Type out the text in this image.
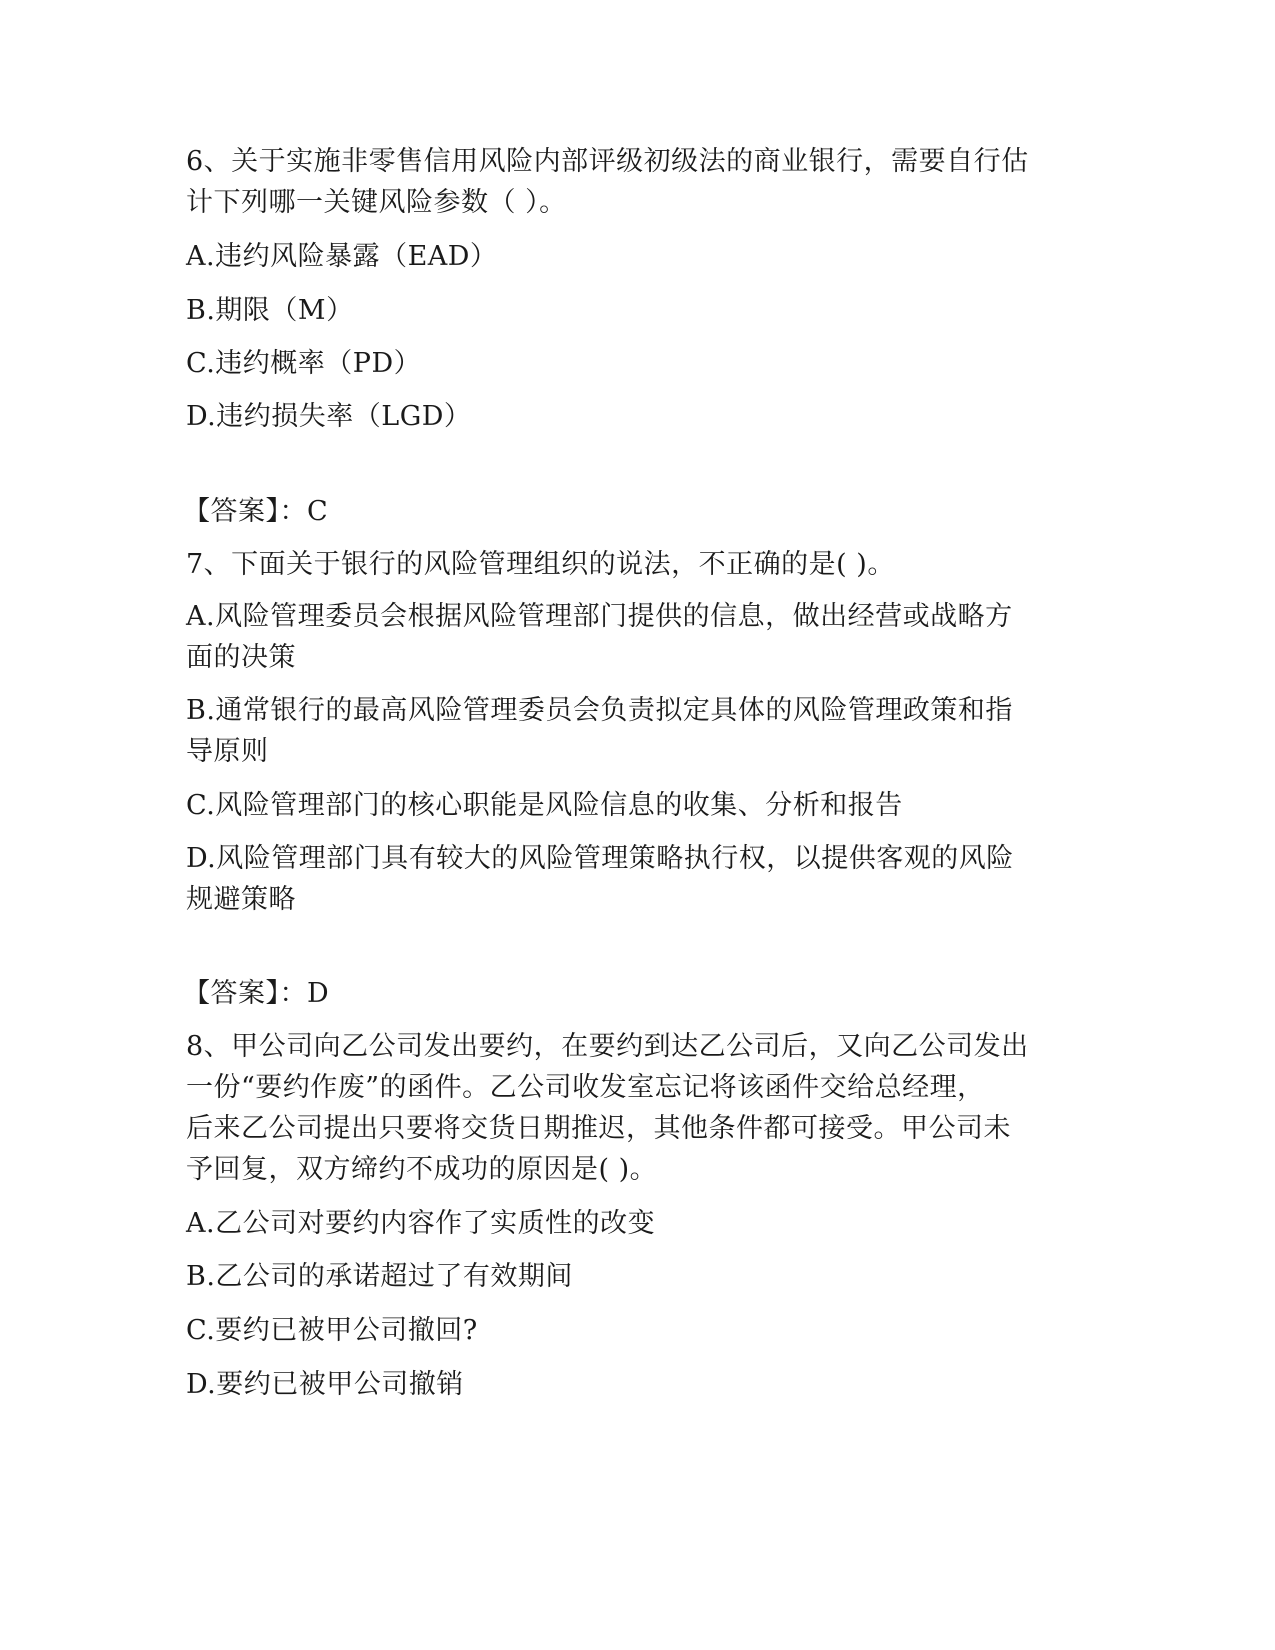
6、关于实施非零售信用风险内部评级初级法的商业银行，需要自行估
计下列哪一关键风险参数（ ）。
A.违约风险暴露（EAD）
B.期限（M）
C.违约概率（PD）
D.违约损失率（LGD）
【答案】：C
7、下面关于银行的风险管理组织的说法，不正确的是( )。
A.风险管理委员会根据风险管理部门提供的信息，做出经营或战略方
面的决策
B.通常银行的最高风险管理委员会负责拟定具体的风险管理政策和指
导原则
C.风险管理部门的核心职能是风险信息的收集、分析和报告
D.风险管理部门具有较大的风险管理策略执行权，以提供客观的风险
规避策略
【答案】：D
8、甲公司向乙公司发出要约，在要约到达乙公司后，又向乙公司发出
一份“要约作废”的函件。乙公司收发室忘记将该函件交给总经理，
后来乙公司提出只要将交货日期推迟，其他条件都可接受。甲公司未
予回复，双方缔约不成功的原因是( )。
A.乙公司对要约内容作了实质性的改变
B.乙公司的承诺超过了有效期间
C.要约已被甲公司撤回?
D.要约已被甲公司撤销
